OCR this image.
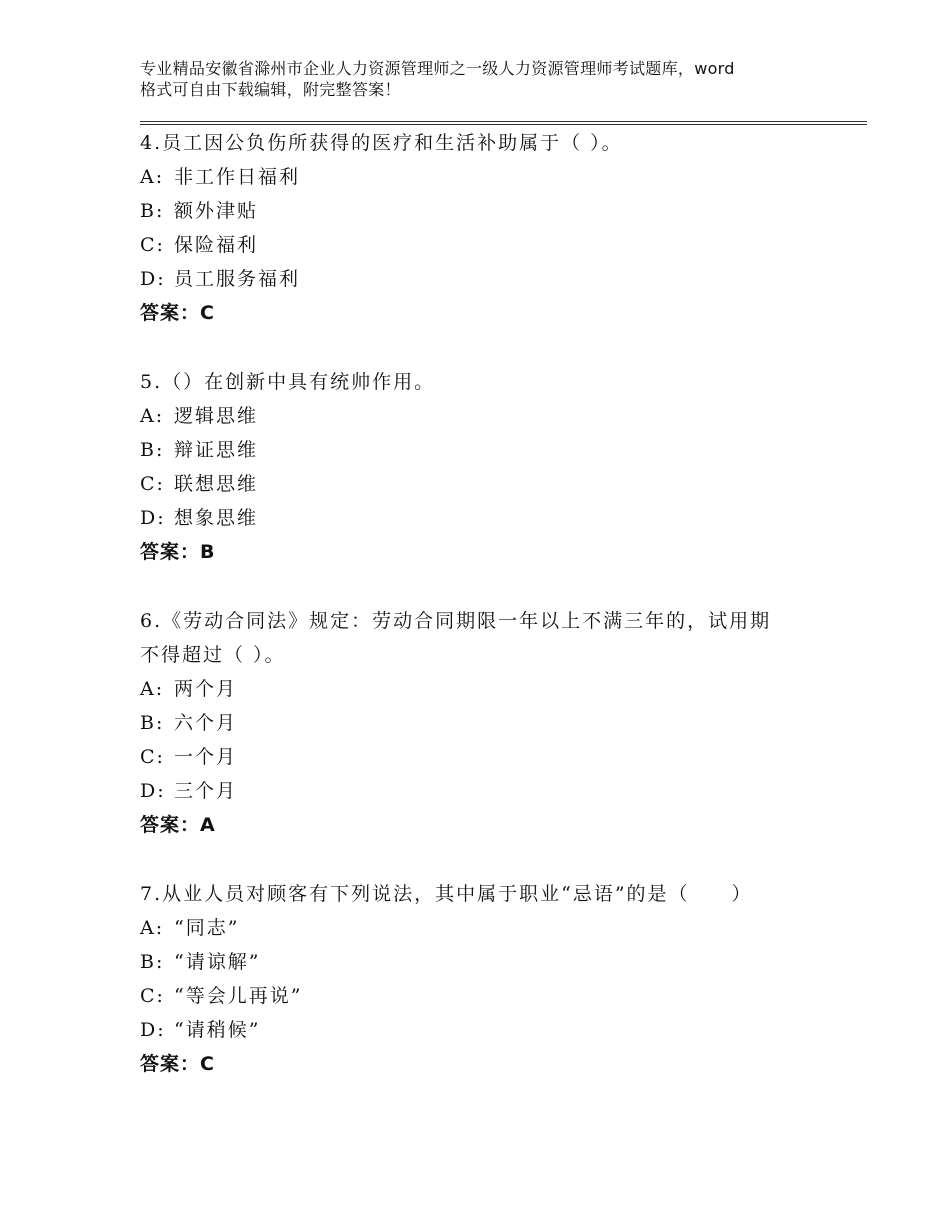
专业精品安徽省滁州市企业人力资源管理师之一级人力资源管理师考试题库，word
格式可自由下载编辑，附完整答案！
4.员工因公负伤所获得的医疗和生活补助属于（ ）。
A: 非工作日福利
B: 额外津贴
C: 保险福利
D: 员工服务福利
答案：C
5.（）在创新中具有统帅作用。
A: 逻辑思维
B: 辩证思维
C: 联想思维
D: 想象思维
答案：B
6.《劳动合同法》规定：劳动合同期限一年以上不满三年的，试用期
不得超过（ ）。
A: 两个月
B: 六个月
C: 一个月
D: 三个月
答案：A
7.从业人员对顾客有下列说法，其中属于职业“忌语”的是（　　）
A: “同志”
B: “请谅解”
C: “等会儿再说”
D: “请稍候”
答案：C
